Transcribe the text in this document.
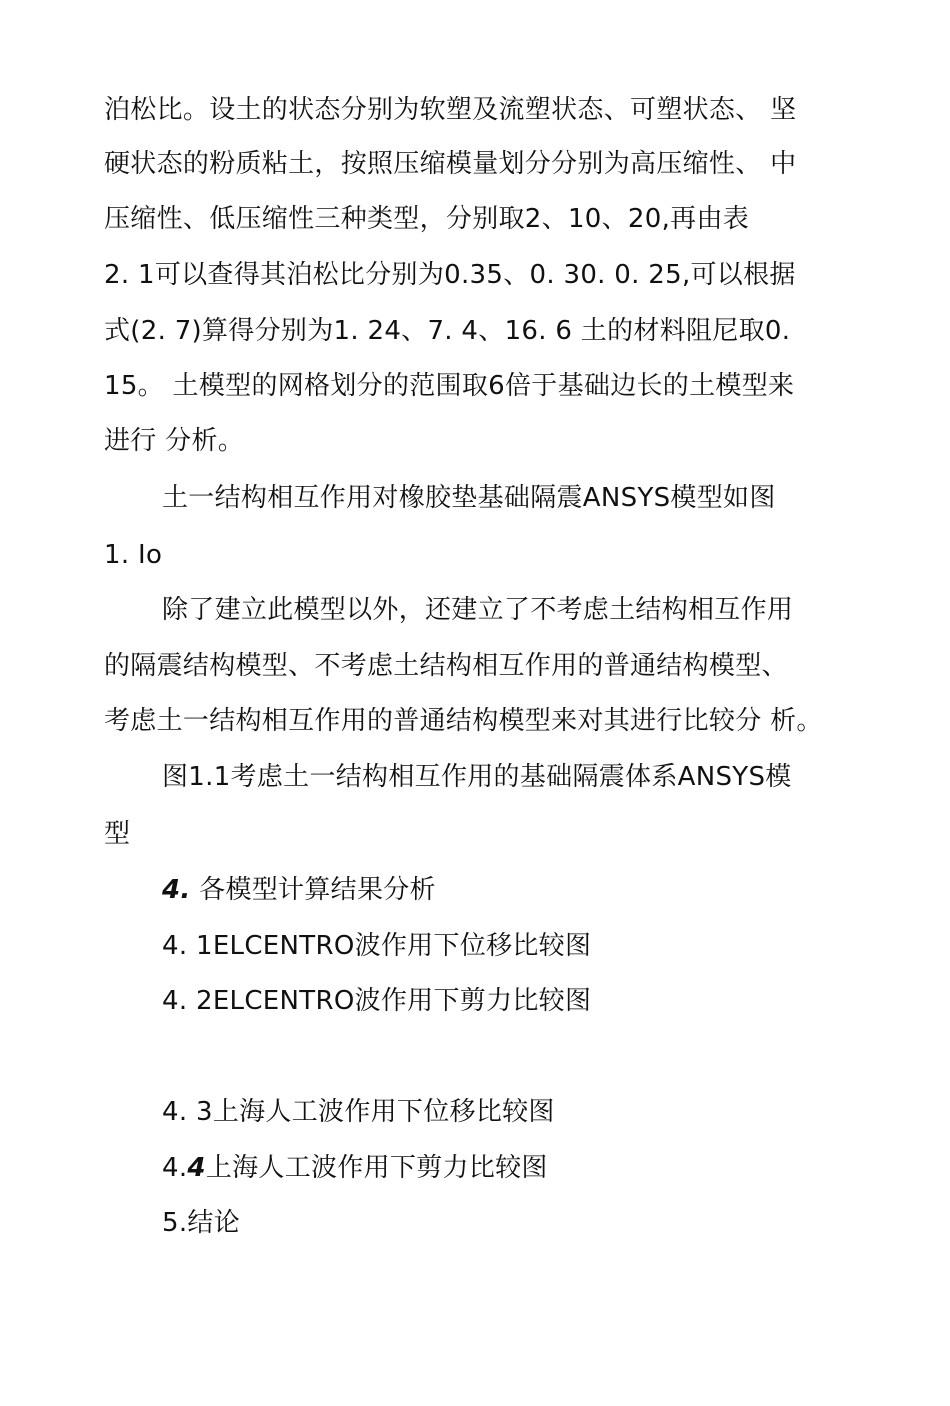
泊松比。设土的状态分别为软塑及流塑状态、可塑状态、 坚
硬状态的粉质粘土，按照压缩模量划分分别为高压缩性、 中
压缩性、低压缩性三种类型，分别取2、10、20,再由表
2. 1可以查得其泊松比分别为0.35、0. 30. 0. 25,可以根据
式(2. 7)算得分别为1. 24、7. 4、16. 6 土的材料阻尼取0.
15。 土模型的网格划分的范围取6倍于基础边长的土模型来
进行 分析。
土一结构相互作用对橡胶垫基础隔震ANSYS模型如图
1. Io
除了建立此模型以外，还建立了不考虑土结构相互作用
的隔震结构模型、不考虑土结构相互作用的普通结构模型、
考虑土一结构相互作用的普通结构模型来对其进行比较分 析。
图1.1考虑土一结构相互作用的基础隔震体系ANSYS模
型
4. 各模型计算结果分析
4. 1ELCENTRO波作用下位移比较图
4. 2ELCENTRO波作用下剪力比较图
4. 3上海人工波作用下位移比较图
4.4上海人工波作用下剪力比较图
5.结论
